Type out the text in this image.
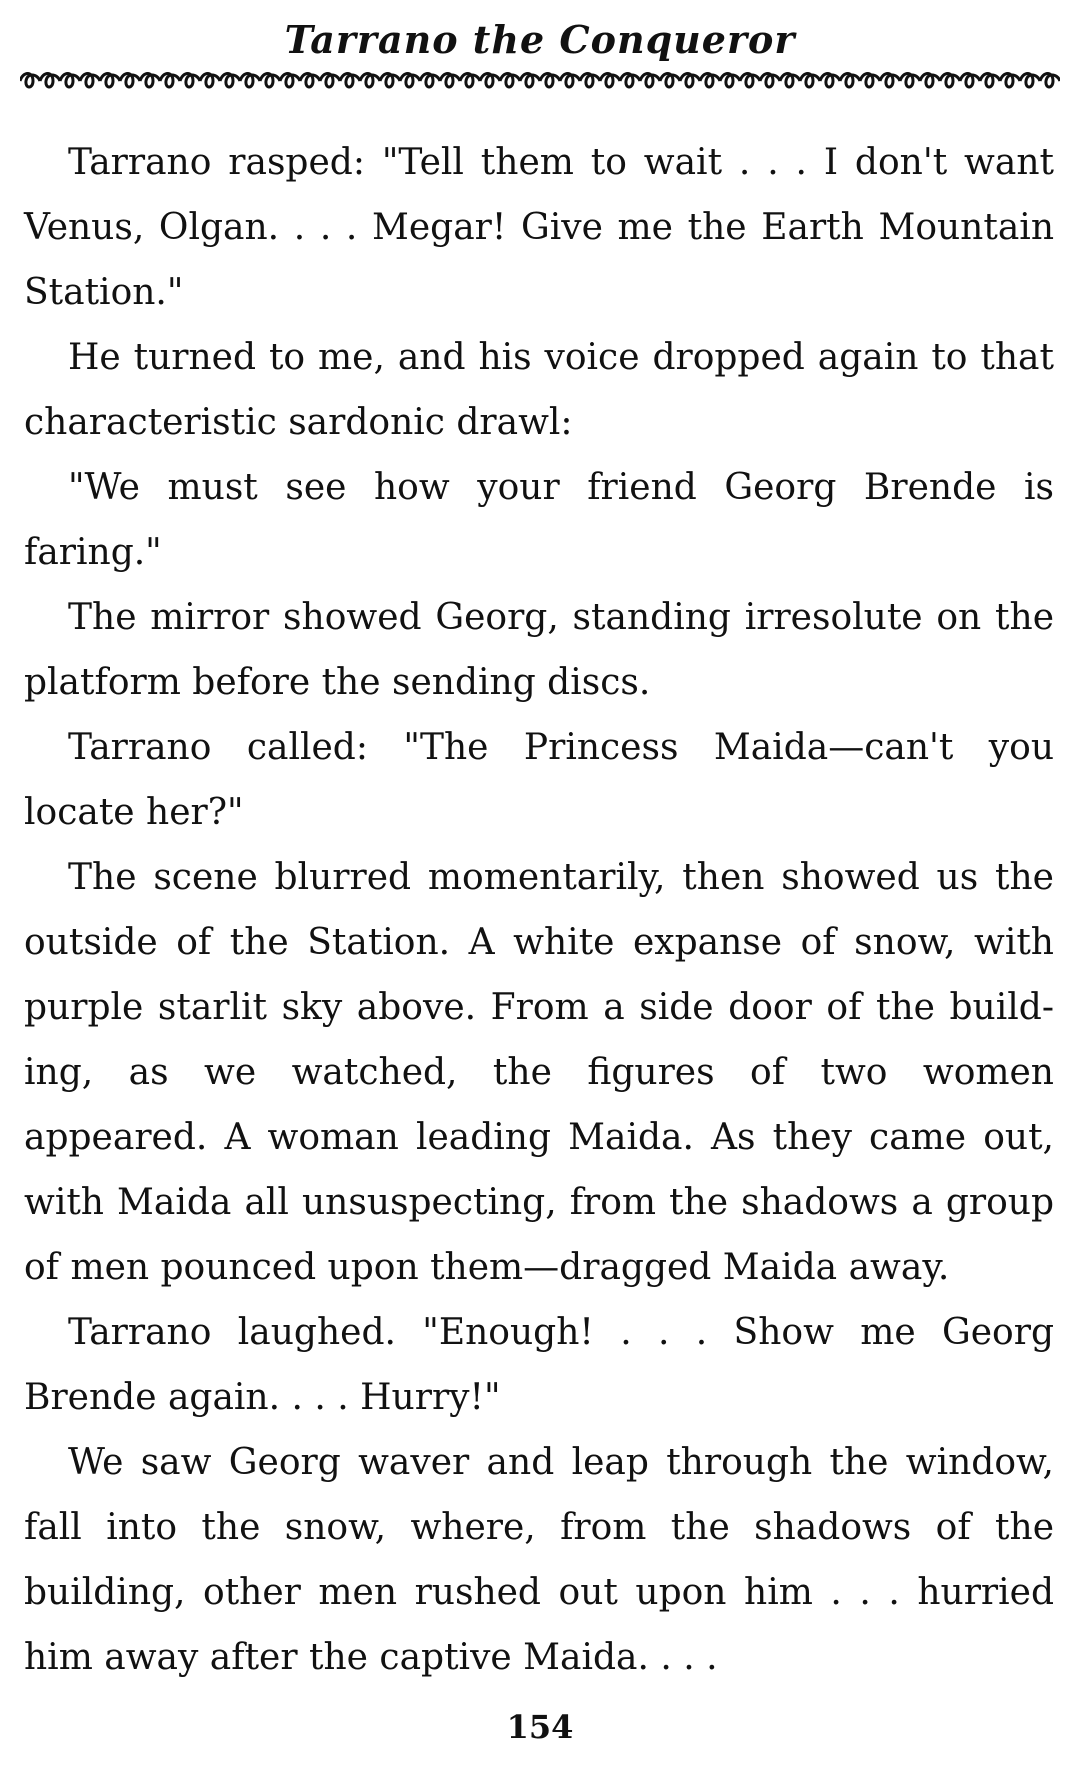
Tarrano the Conqueror

Tarrano rasped: "Tell them to wait . . . I don't want Venus, Olgan. . . . Megar! Give me the Earth Mountain Station."

He turned to me, and his voice dropped again to that characteristic sardonic drawl:

"We must see how your friend Georg Brende is faring."

The mirror showed Georg, standing irresolute on the platform before the sending discs.

Tarrano called: "The Princess Maida—can't you locate her?"

The scene blurred momentarily, then showed us the outside of the Station. A white expanse of snow, with purple starlit sky above. From a side door of the building, as we watched, the figures of two women appeared. A woman leading Maida. As they came out, with Maida all unsuspecting, from the shadows a group of men pounced upon them—dragged Maida away.

Tarrano laughed. "Enough! . . . Show me Georg Brende again. . . . Hurry!"

We saw Georg waver and leap through the window, fall into the snow, where, from the shadows of the building, other men rushed out upon him . . . hurried him away after the captive Maida. . . .

154
